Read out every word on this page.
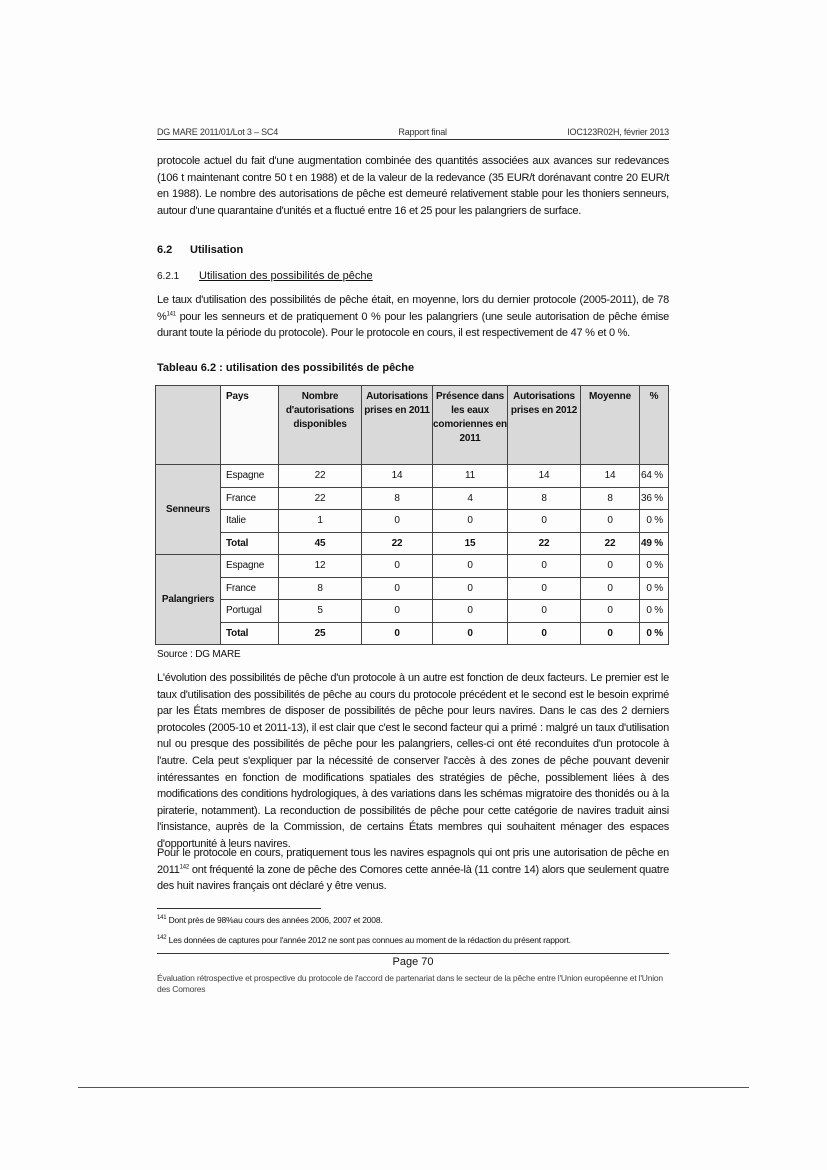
DG MARE 2011/01/Lot 3 – SC4	Rapport final	IOC123R02H, février 2013

protocole actuel du fait d'une augmentation combinée des quantités associées aux avances sur redevances (106 t maintenant contre 50 t en 1988) et de la valeur de la redevance (35 EUR/t dorénavant contre 20 EUR/t en 1988). Le nombre des autorisations de pêche est demeuré relativement stable pour les thoniers senneurs, autour d'une quarantaine d'unités et a fluctué entre 16 et 25 pour les palangriers de surface.

6.2 Utilisation
6.2.1 Utilisation des possibilités de pêche

Le taux d'utilisation des possibilités de pêche était, en moyenne, lors du dernier protocole (2005-2011), de 78 %$^{141}$ pour les senneurs et de pratiquement 0 % pour les palangriers (une seule autorisation de pêche émise durant toute la période du protocole). Pour le protocole en cours, il est respectivement de 47 % et 0 %.

Tableau 6.2 : utilisation des possibilités de pêche
	Pays	Nombre d'autorisations disponibles	Autorisations prises en 2011	Présence dans les eaux comoriennes en 2011	Autorisations prises en 2012	Moyenne	%
Senneurs	Espagne	22	14	11	14	14	64 %
	France	22	8	4	8	8	36 %
	Italie	1	0	0	0	0	0 %
	Total	45	22	15	22	22	49 %
Palangriers	Espagne	12	0	0	0	0	0 %
	France	8	0	0	0	0	0 %
	Portugal	5	0	0	0	0	0 %
	Total	25	0	0	0	0	0 %
Source : DG MARE

L'évolution des possibilités de pêche d'un protocole à un autre est fonction de deux facteurs. Le premier est le taux d'utilisation des possibilités de pêche au cours du protocole précédent et le second est le besoin exprimé par les États membres de disposer de possibilités de pêche pour leurs navires. Dans le cas des 2 derniers protocoles (2005-10 et 2011-13), il est clair que c'est le second facteur qui a primé : malgré un taux d'utilisation nul ou presque des possibilités de pêche pour les palangriers, celles-ci ont été reconduites d'un protocole à l'autre. Cela peut s'expliquer par la nécessité de conserver l'accès à des zones de pêche pouvant devenir intéressantes en fonction de modifications spatiales des stratégies de pêche, possiblement liées à des modifications des conditions hydrologiques, à des variations dans les schémas migratoire des thonidés ou à la piraterie, notamment). La reconduction de possibilités de pêche pour cette catégorie de navires traduit ainsi l'insistance, auprès de la Commission, de certains États membres qui souhaitent ménager des espaces d'opportunité à leurs navires.

Pour le protocole en cours, pratiquement tous les navires espagnols qui ont pris une autorisation de pêche en 2011$^{142}$ ont fréquenté la zone de pêche des Comores cette année-là (11 contre 14) alors que seulement quatre des huit navires français ont déclaré y être venus.

$^{141}$ Dont près de 98%au cours des années 2006, 2007 et 2008.
$^{142}$ Les données de captures pour l'année 2012 ne sont pas connues au moment de la rédaction du présent rapport.
Page 70
Évaluation rétrospective et prospective du protocole de l'accord de partenariat dans le secteur de la pêche entre l'Union européenne et l'Union des Comores
